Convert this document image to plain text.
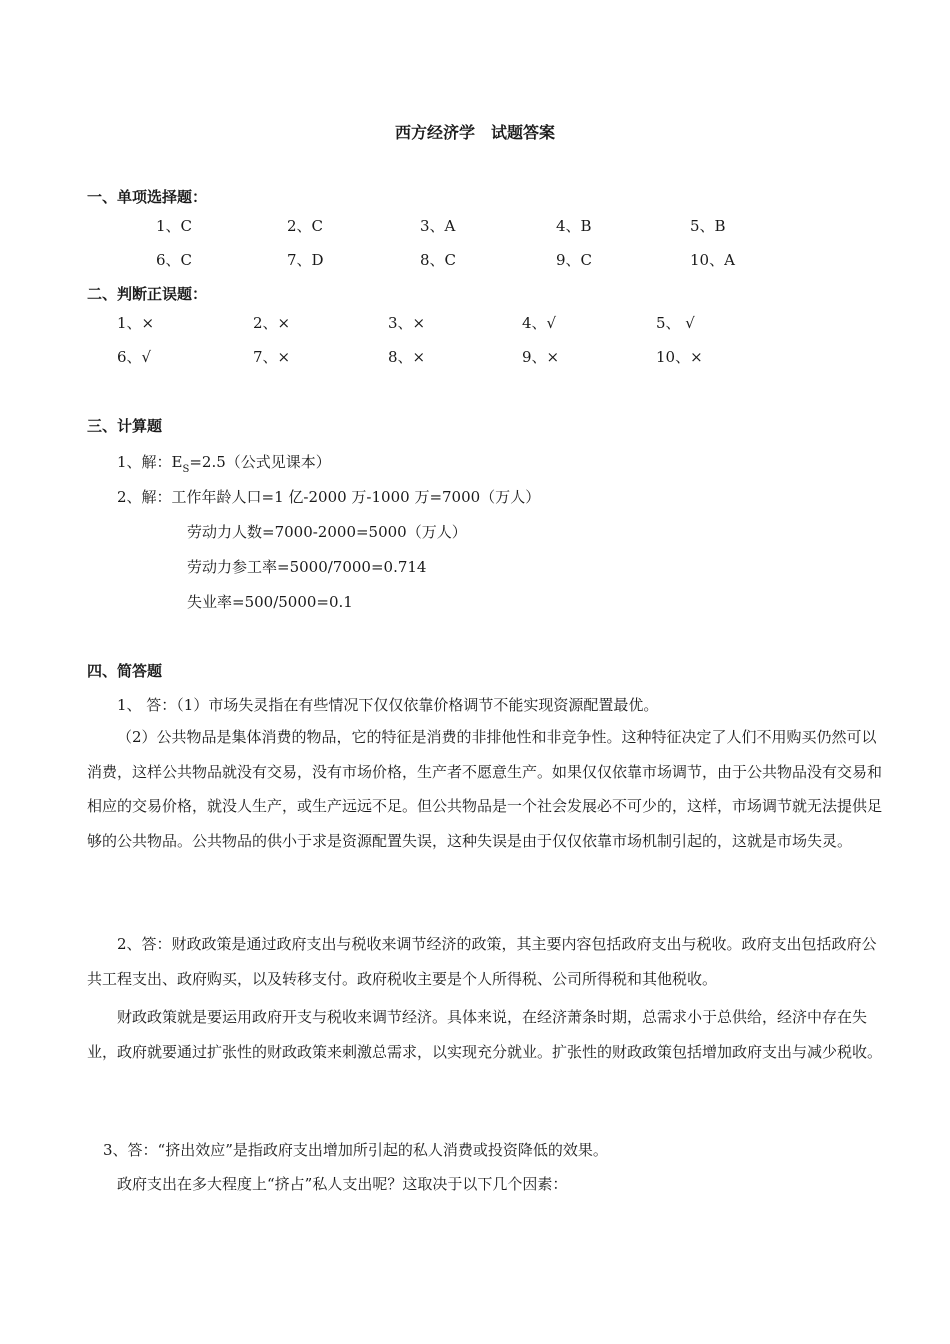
西方经济学　试题答案
一、单项选择题：
1、C	2、C	3、A	4、B	5、B
6、C	7、D	8、C	9、C	10、A
二、判断正误题：
1、×	2、×	3、×	4、√	5、 √
6、√	7、×	8、×	9、×	10、×
三、计算题
1、解：$E_S=2.5$（公式见课本）
2、解：工作年龄人口=1 亿-2000 万-1000 万=7000（万人）
劳动力人数=7000-2000=5000（万人）
劳动力参工率=5000/7000=0.714
失业率=500/5000=0.1
四、简答题
1、 答：（1）市场失灵指在有些情况下仅仅依靠价格调节不能实现资源配置最优。
（2）公共物品是集体消费的物品，它的特征是消费的非排他性和非竞争性。这种特征决定了人们不用购买仍然可以消费，这样公共物品就没有交易，没有市场价格，生产者不愿意生产。如果仅仅依靠市场调节，由于公共物品没有交易和相应的交易价格，就没人生产，或生产远远不足。但公共物品是一个社会发展必不可少的，这样，市场调节就无法提供足够的公共物品。公共物品的供小于求是资源配置失误，这种失误是由于仅仅依靠市场机制引起的，这就是市场失灵。
2、答：财政政策是通过政府支出与税收来调节经济的政策，其主要内容包括政府支出与税收。政府支出包括政府公共工程支出、政府购买，以及转移支付。政府税收主要是个人所得税、公司所得税和其他税收。
财政政策就是要运用政府开支与税收来调节经济。具体来说，在经济萧条时期，总需求小于总供给，经济中存在失业，政府就要通过扩张性的财政政策来刺激总需求，以实现充分就业。扩张性的财政政策包括增加政府支出与减少税收。
3、答：“挤出效应”是指政府支出增加所引起的私人消费或投资降低的效果。
政府支出在多大程度上“挤占”私人支出呢？这取决于以下几个因素：
